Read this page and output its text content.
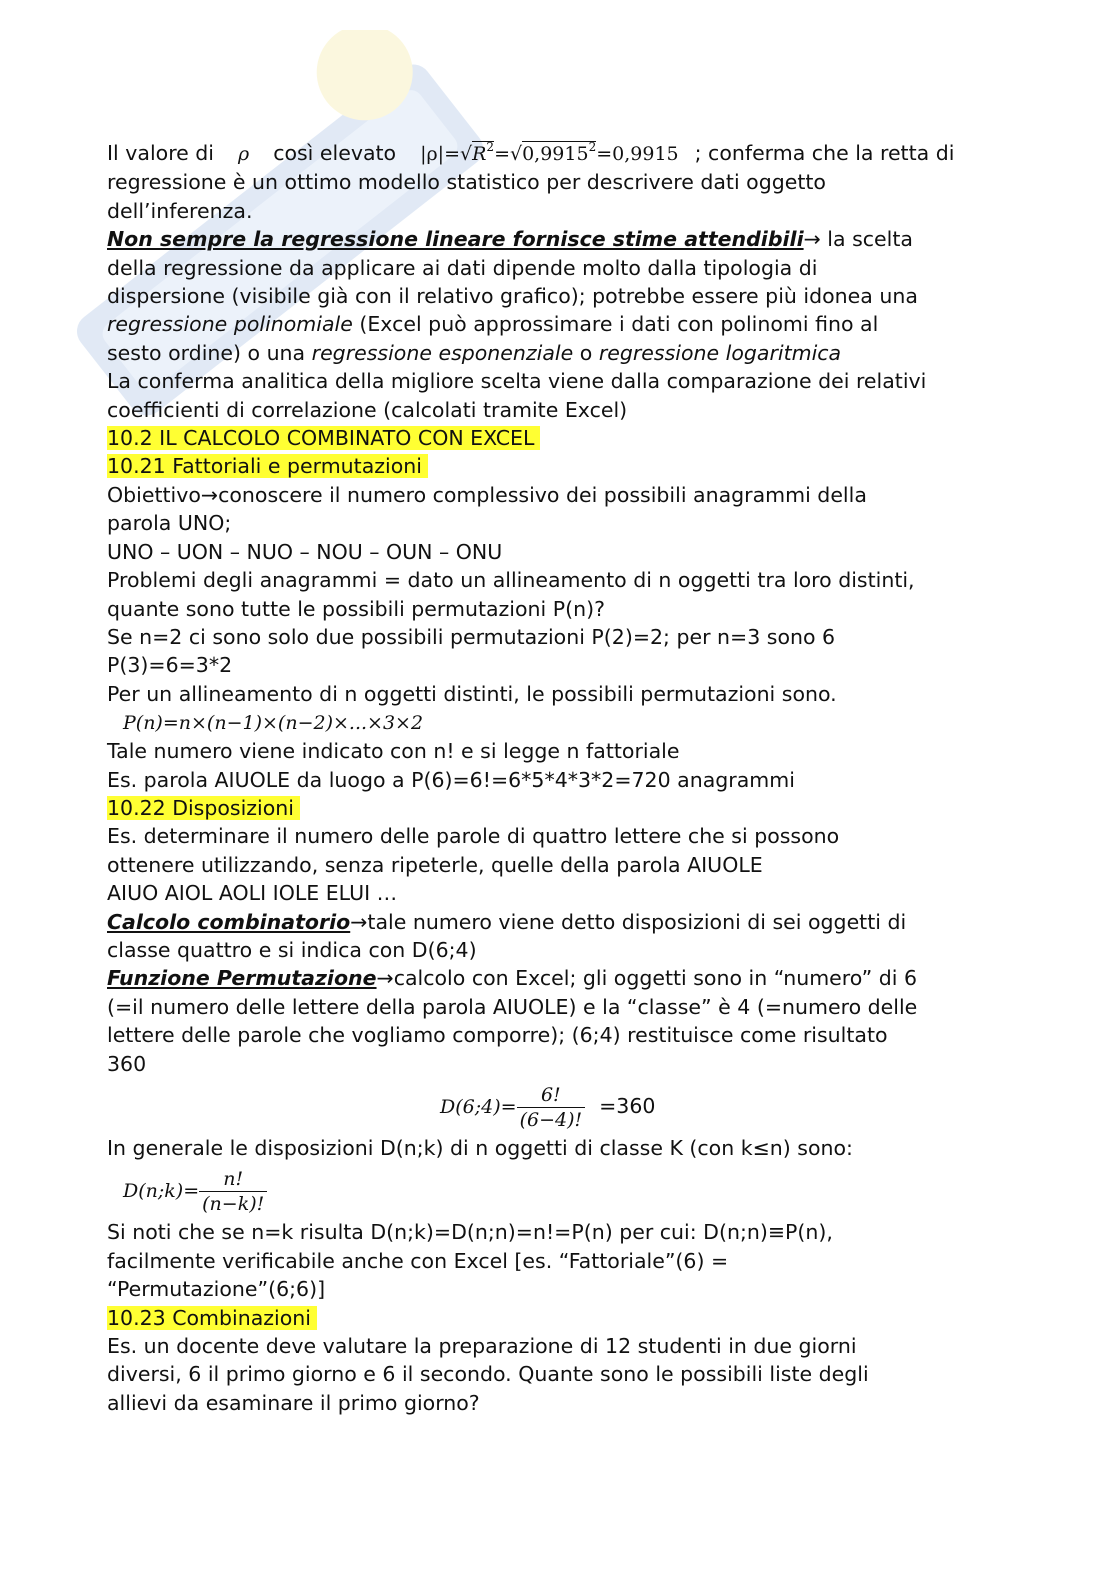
Il valore di ρ così elevato $|\rho|=√R^2=√0,9915^2=0,9915$ ; conferma che la retta di
regressione è un ottimo modello statistico per descrivere dati oggetto
dell’inferenza.
Non sempre la regressione lineare fornisce stime attendibili→ la scelta
della regressione da applicare ai dati dipende molto dalla tipologia di
dispersione (visibile già con il relativo grafico); potrebbe essere più idonea una
regressione polinomiale (Excel può approssimare i dati con polinomi fino al
sesto ordine) o una regressione esponenziale o regressione logaritmica
La conferma analitica della migliore scelta viene dalla comparazione dei relativi
coefficienti di correlazione (calcolati tramite Excel)
10.2 IL CALCOLO COMBINATO CON EXCEL
10.21 Fattoriali e permutazioni
Obiettivo→conoscere il numero complessivo dei possibili anagrammi della
parola UNO;
UNO – UON – NUO – NOU – OUN – ONU
Problemi degli anagrammi = dato un allineamento di n oggetti tra loro distinti,
quante sono tutte le possibili permutazioni P(n)?
Se n=2 ci sono solo due possibili permutazioni P(2)=2; per n=3 sono 6
P(3)=6=3*2
Per un allineamento di n oggetti distinti, le possibili permutazioni sono.
P(n)=n×(n−1)×(n−2)×...×3×2
Tale numero viene indicato con n! e si legge n fattoriale
Es. parola AIUOLE da luogo a P(6)=6!=6*5*4*3*2=720 anagrammi
10.22 Disposizioni
Es. determinare il numero delle parole di quattro lettere che si possono
ottenere utilizzando, senza ripeterle, quelle della parola AIUOLE
AIUO AIOL AOLI IOLE ELUI …
Calcolo combinatorio→tale numero viene detto disposizioni di sei oggetti di
classe quattro e si indica con D(6;4)
Funzione Permutazione→calcolo con Excel; gli oggetti sono in “numero” di 6
(=il numero delle lettere della parola AIUOLE) e la “classe” è 4 (=numero delle
lettere delle parole che vogliamo comporre); (6;4) restituisce come risultato
360
D(6;4)= $\frac{6!}{(6-4)!} =360$
In generale le disposizioni D(n;k) di n oggetti di classe K (con k≤n) sono:
D(n;k)= $\frac{n!}{(n-k)!}$
Si noti che se n=k risulta D(n;k)=D(n;n)=n!=P(n) per cui: D(n;n)≡P(n),
facilmente verificabile anche con Excel [es. “Fattoriale”(6) =
“Permutazione”(6;6)]
10.23 Combinazioni
Es. un docente deve valutare la preparazione di 12 studenti in due giorni
diversi, 6 il primo giorno e 6 il secondo. Quante sono le possibili liste degli
allievi da esaminare il primo giorno?
